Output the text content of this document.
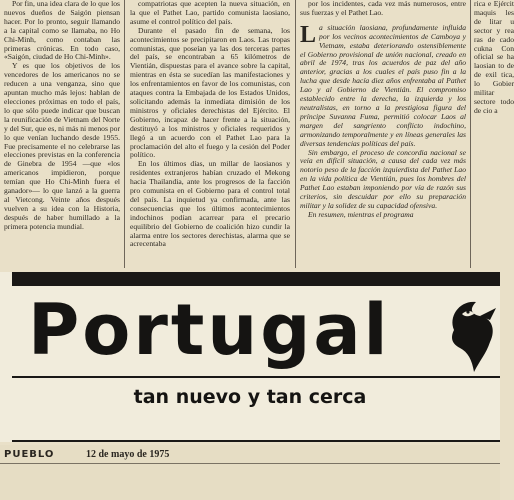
Por fin, una idea clara de lo que los nuevos dueños de Saigón piensan hacer. Por lo pronto, seguir llamando a la capital como se llamaba, no Ho Chi-Minh, como contaban las primeras crónicas. En todo caso, «Saigón, ciudad de Ho Chi-Minh».

Y es que los objetivos de los vencedores de los americanos no se reducen a una venganza, sino que apuntan mucho más lejos: hablan de elecciones próximas en todo el país, lo que sólo puede indicar que buscan la reunificación de Vietnam del Norte y del Sur, que es, ni más ni menos por lo que venían luchando desde 1955. Fue precisamente el no celebrarse las elecciones previstas en la conferencia de Ginebra de 1954 —que «los americanos impidieron, porque temían que Ho Chi-Minh fuera el ganador»— lo que lanzó a la guerra al Vietcong. Veinte años después vuelven a su idea con la Historia, después de haber humillado a la primera potencia mundial.

compatriotas que acepten la nueva situación, en la que el Pathet Lao, partido comunista laosiano, asume el control político del país.

Durante el pasado fin de semana, los acontecimientos se precipitaron en Laos. Las tropas comunistas, que poseían ya las dos terceras partes del país, se encontraban a 65 kilómetros de Vientián, dispuestas para el avance sobre la capital, mientras en ésta se sucedían las manifestaciones y los enfrentamientos en favor de los comunistas, con ataques contra la Embajada de los Estados Unidos, solicitando además la inmediata dimisión de los ministros y oficiales derechistas del Ejército. El Gobierno, incapaz de hacer frente a la situación, destituyó a los ministros y oficiales requeridos y llegó a un acuerdo con el Pathet Lao para la proclamación del alto el fuego y la cesión del Poder político.

En los últimos días, un millar de laosianos y residentes extranjeros habían cruzado el Mekong hacia Thailandia, ante los progresos de la facción pro comunista en el Gobierno para el control total del país. La inquietud ya confirmada, ante las consecuencias que los últimos acontecimientos indochinos podían acarrear para el precario equilibrio del Gobierno de coalición hizo cundir la alarma entre los sectores derechistas, alarma que se acrecentaba

por los incidentes, cada vez más numerosos, entre sus fuerzas y el Pathet Lao.

La situación laosiana, profundamente influida por los vecinos acontecimientos de Camboya y Vietnam, estaba deteriorando ostensiblemente el Gobierno provisional de unión nacional, creado en abril de 1974, tras los acuerdos de paz del año anterior, gracias a los cuales el país puso fin a la lucha que desde hacía diez años enfrentaba al Pathet Lao y al Gobierno de Vientián. El compromiso establecido entre la derecha, la izquierda y los neutralistas, en torno a la prestigiosa figura del príncipe Suvanna Fuma, permitió colocar Laos al margen del sangriento conflicto indochino, armonizando temporalmente y en líneas generales las diversas tendencias políticas del país.

Sin embargo, el proceso de concordia nacional se veía en difícil situación, a causa del cada vez más notorio peso de la facción izquierdista del Pathet Lao en la vida política de Vientián, pues los hombres del Pathet Lao estaban imponiendo por vía de razón sus criterios, sin descuidar por ello su preparación militar y la solidez de su capacidad ofensiva.

En resumen, mientras el programa

rica e Ejércit maquis les de litar u sector y rea ras de cado cukna Con oficial se ha laosian to de de exil tica, lo Gobier militar sectore todo de cio a

Portugal
tan nuevo y tan cerca
PUEBLO	12 de mayo de 1975
